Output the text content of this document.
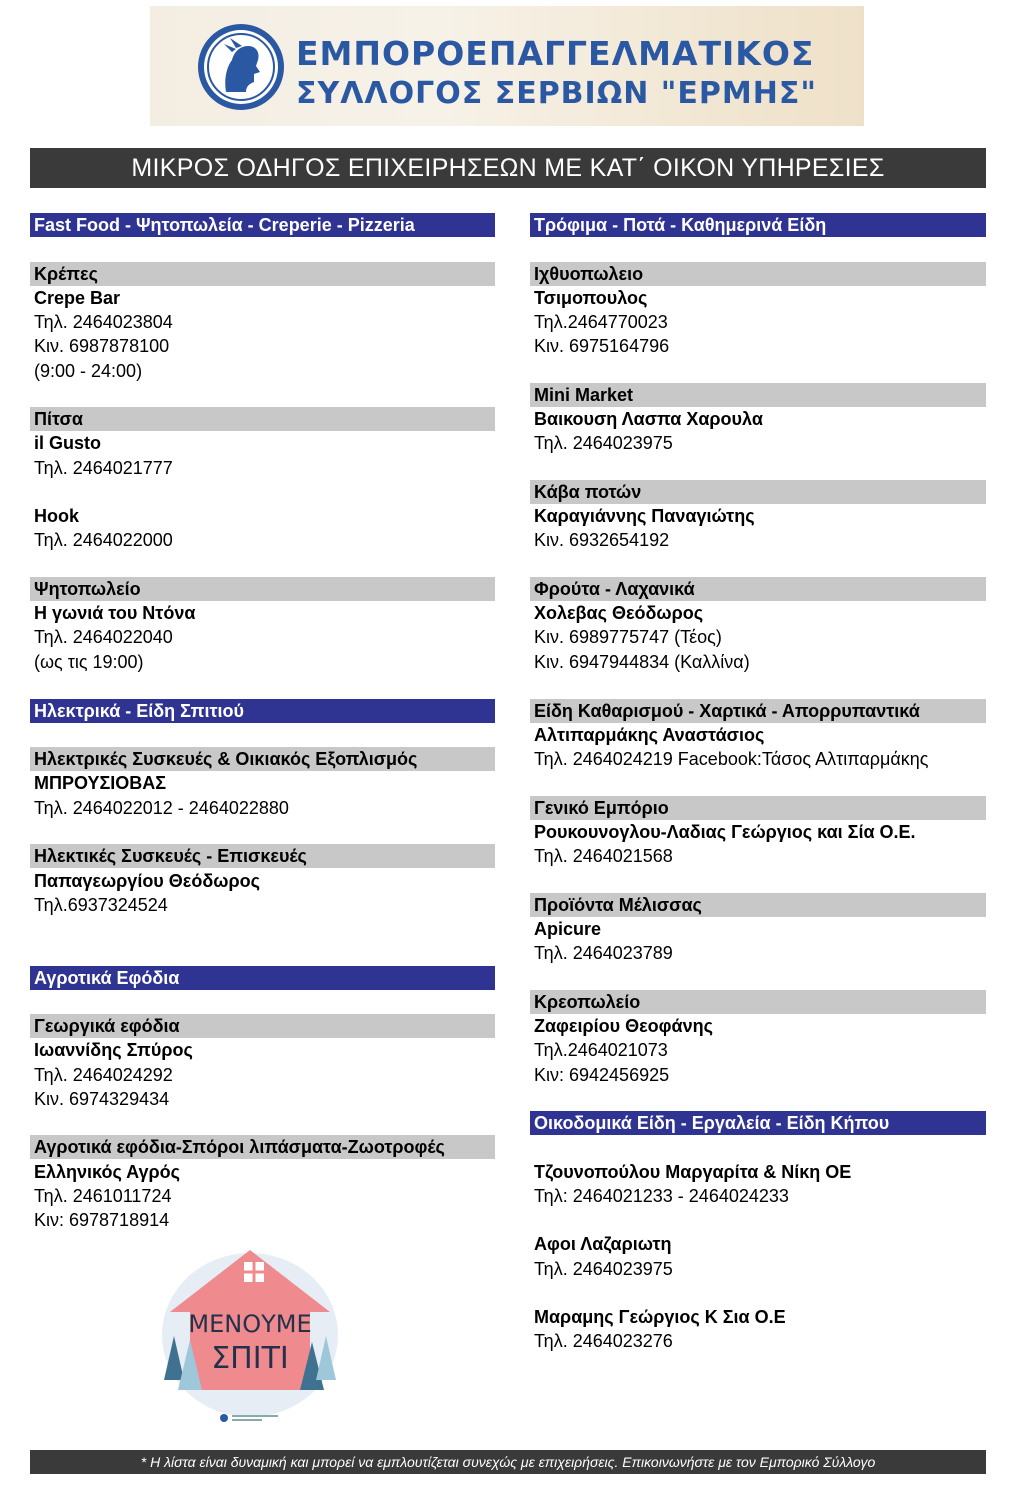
ΕΜΠΟΡΟΕΠΑΓΓΕΛΜΑΤΙΚΟΣ
ΣΥΛΛΟΓΟΣ ΣΕΡΒΙΩΝ "ΕΡΜΗΣ"
ΜΙΚΡΟΣ ΟΔΗΓΟΣ ΕΠΙΧΕΙΡΗΣΕΩΝ ΜΕ ΚΑΤ΄ ΟΙΚΟΝ ΥΠΗΡΕΣΙΕΣ
Fast Food - Ψητοπωλεία - Creperie - Pizzeria
Κρέπες
Crepe Bar
Τηλ. 2464023804
Κιν. 6987878100
(9:00 - 24:00)
Πίτσα
il Gusto
Τηλ. 2464021777
Hook
Τηλ. 2464022000
Ψητοπωλείο
Η γωνιά του Ντόνα
Τηλ. 2464022040
(ως τις 19:00)
Ηλεκτρικά - Είδη Σπιτιού
Ηλεκτρικές Συσκευές & Οικιακός Εξοπλισμός
ΜΠΡΟΥΣΙΟΒΑΣ
Τηλ. 2464022012 - 2464022880
Ηλεκτικές Συσκευές - Επισκευές
Παπαγεωργίου Θεόδωρος
Τηλ.6937324524
Αγροτικά Εφόδια
Γεωργικά εφόδια
Ιωαννίδης Σπύρος
Τηλ. 2464024292
Κιν. 6974329434
Αγροτικά εφόδια-Σπόροι λιπάσματα-Ζωοτροφές
Ελληνικός Αγρός
Τηλ. 2461011724
Κιν: 6978718914
Τρόφιμα - Ποτά - Καθημερινά Είδη
Ιχθυοπωλειο
Τσιμοπουλος
Τηλ.2464770023
Κιν. 6975164796
Mini Market
Βαικουση Λασπα Χαρουλα
Τηλ. 2464023975
Κάβα ποτών
Καραγιάννης Παναγιώτης
Κιν. 6932654192
Φρούτα - Λαχανικά
Χολεβας Θεόδωρος
Κιν. 6989775747 (Τέος)
Κιν. 6947944834 (Καλλίνα)
Είδη Καθαρισμού - Χαρτικά - Απορρυπαντικά
Αλτιπαρμάκης Αναστάσιος
Τηλ. 2464024219 Facebook:Τάσος Αλτιπαρμάκης
Γενικό Εμπόριο
Ρουκουνογλου-Λαδιας Γεώργιος και Σία Ο.Ε.
Τηλ. 2464021568
Προϊόντα Μέλισσας
Apicure
Τηλ. 2464023789
Κρεοπωλείο
Ζαφειρίου Θεοφάνης
Τηλ.2464021073
Κιν: 6942456925
Οικοδομικά Είδη - Εργαλεία - Είδη Κήπου
Τζουνοπούλου Μαργαρίτα & Νίκη ΟΕ
Τηλ: 2464021233 - 2464024233
Αφοι Λαζαριωτη
Τηλ. 2464023975
Μαραμης Γεώργιος Κ Σια Ο.Ε
Τηλ. 2464023276
ΜΕΝΟΥΜΕ
ΣΠΙΤΙ
* Η λίστα είναι δυναμική και μπορεί να εμπλουτίζεται συνεχώς με επιχειρήσεις. Επικοινωνήστε με τον Εμπορικό Σύλλογο
